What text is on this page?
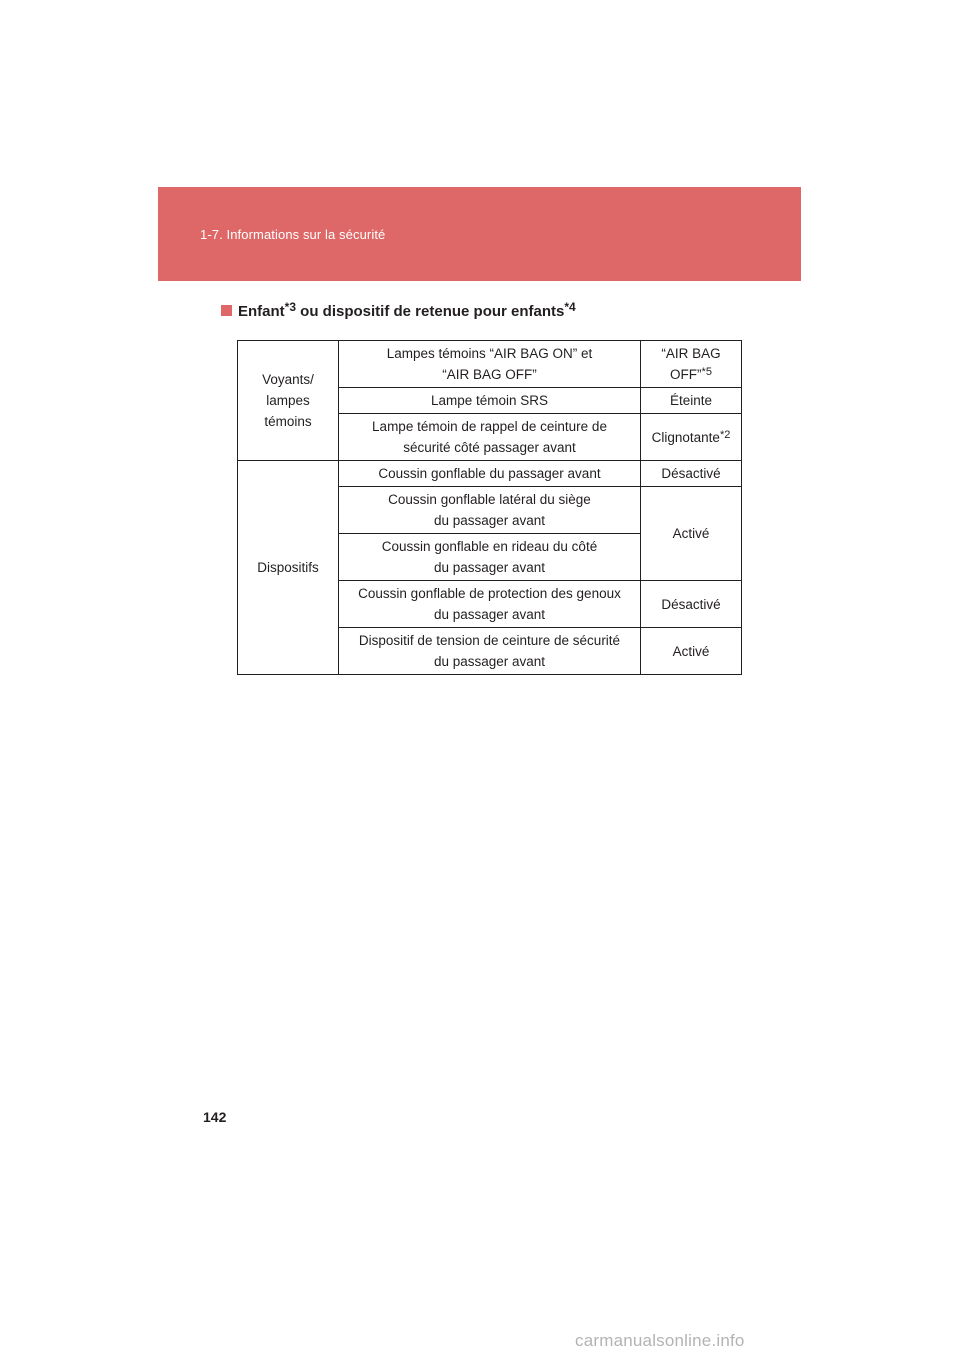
1-7. Informations sur la sécurité
Enfant$^{*3}$ ou dispositif de retenue pour enfants$^{*4}$
Voyants/
lampes
témoins	Lampes témoins “AIR BAG ON” et
“AIR BAG OFF”	“AIR BAG
OFF”$^{*5}$
	Lampe témoin SRS	Éteinte
	Lampe témoin de rappel de ceinture de
sécurité côté passager avant	Clignotante$^{*2}$
Dispositifs	Coussin gonflable du passager avant	Désactivé
	Coussin gonflable latéral du siège
du passager avant	Activé
	Coussin gonflable en rideau du côté
du passager avant	
	Coussin gonflable de protection des genoux
du passager avant	Désactivé
	Dispositif de tension de ceinture de sécurité
du passager avant	Activé
142
carmanualsonline.info
